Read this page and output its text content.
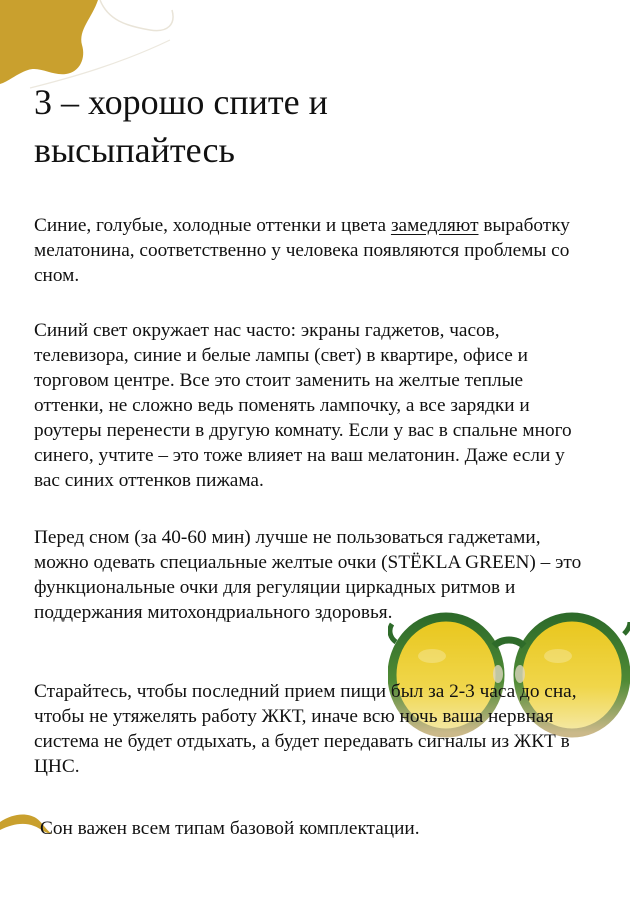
3 – хорошо спите и
высыпайтесь

Синие, голубые, холодные оттенки и цвета замедляют выработку мелатонина, соответственно у человека появляются проблемы со сном.

Синий свет окружает нас часто: экраны гаджетов, часов, телевизора, синие и белые лампы (свет) в квартире, офисе и торговом центре. Все это стоит заменить на желтые теплые оттенки, не сложно ведь поменять лампочку, а все зарядки и роутеры перенести в другую комнату. Если у вас в спальне много синего, учтите – это тоже влияет на ваш мелатонин. Даже если у вас синих оттенков пижама.

Перед сном (за 40-60 мин) лучше не пользоваться гаджетами, можно одевать специальные желтые очки (STЁKLA GREEN) – это функциональные очки для регуляции циркадных ритмов и поддержания митохондриального здоровья.

Старайтесь, чтобы последний прием пищи был за 2-3 часа до сна, чтобы не утяжелять работу ЖКТ, иначе всю ночь ваша нервная система не будет отдыхать, а будет передавать сигналы из ЖКТ в ЦНС.

Сон важен всем типам базовой комплектации.
